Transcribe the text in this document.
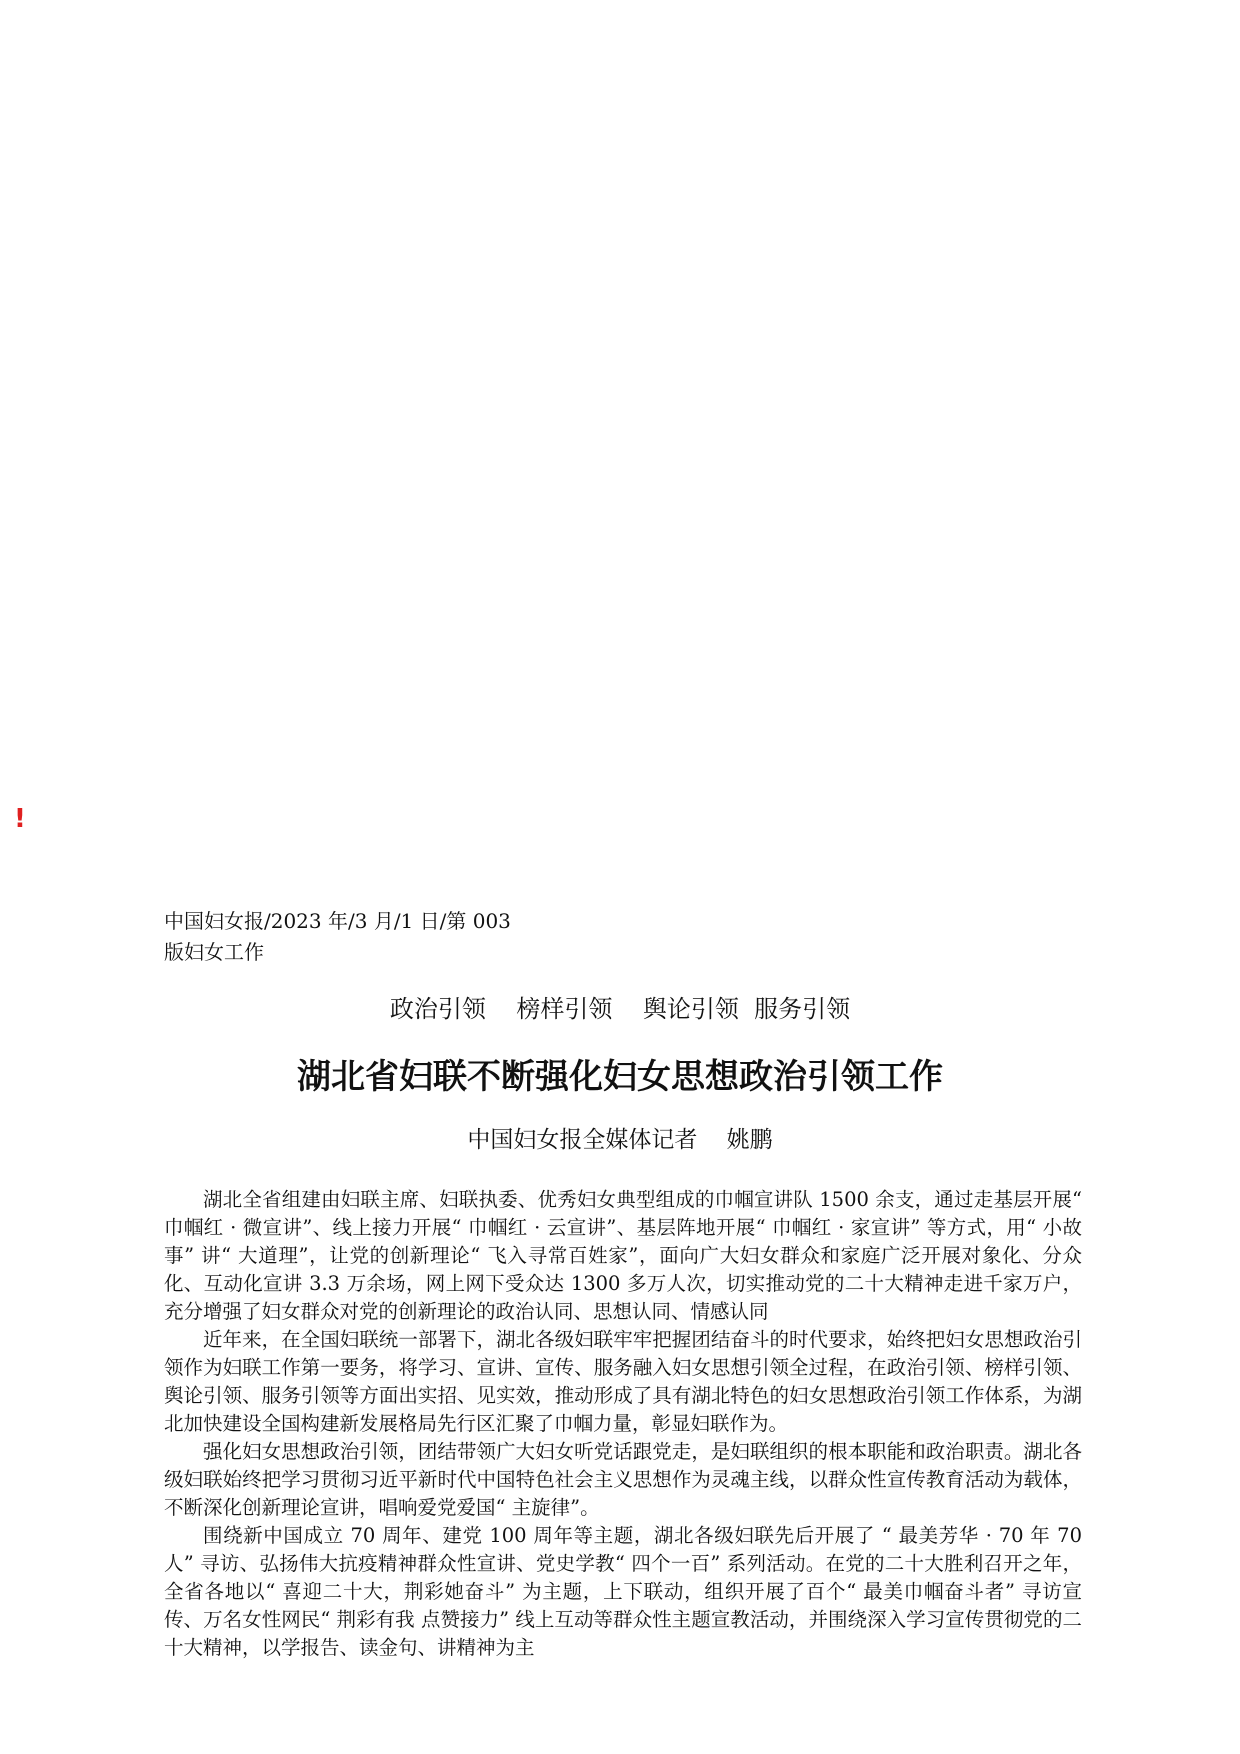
!
中国妇女报/2023 年/3 月/1 日/第 003
版妇女工作
政治引领    榜样引领    舆论引领  服务引领
湖北省妇联不断强化妇女思想政治引领工作
中国妇女报全媒体记者    姚鹏

湖北全省组建由妇联主席、妇联执委、优秀妇女典型组成的巾帼宣讲队 1500 余支，通过走基层开展“ 巾帼红 · 微宣讲”、线上接力开展“ 巾帼红 · 云宣讲”、基层阵地开展“ 巾帼红 · 家宣讲” 等方式，用“ 小故事” 讲“ 大道理”，让党的创新理论“ 飞入寻常百姓家”，面向广大妇女群众和家庭广泛开展对象化、分众化、互动化宣讲 3.3 万余场，网上网下受众达 1300 多万人次，切实推动党的二十大精神走进千家万户，充分增强了妇女群众对党的创新理论的政治认同、思想认同、情感认同

近年来，在全国妇联统一部署下，湖北各级妇联牢牢把握团结奋斗的时代要求，始终把妇女思想政治引领作为妇联工作第一要务，将学习、宣讲、宣传、服务融入妇女思想引领全过程，在政治引领、榜样引领、舆论引领、服务引领等方面出实招、见实效，推动形成了具有湖北特色的妇女思想政治引领工作体系，为湖北加快建设全国构建新发展格局先行区汇聚了巾帼力量，彰显妇联作为。

强化妇女思想政治引领，团结带领广大妇女听党话跟党走，是妇联组织的根本职能和政治职责。湖北各级妇联始终把学习贯彻习近平新时代中国特色社会主义思想作为灵魂主线，以群众性宣传教育活动为载体，不断深化创新理论宣讲，唱响爱党爱国“ 主旋律”。

围绕新中国成立 70 周年、建党 100 周年等主题，湖北各级妇联先后开展了 “ 最美芳华 · 70 年 70 人” 寻访、弘扬伟大抗疫精神群众性宣讲、党史学教“ 四个一百” 系列活动。在党的二十大胜利召开之年，全省各地以“ 喜迎二十大，荆彩她奋斗” 为主题，上下联动，组织开展了百个“ 最美巾帼奋斗者” 寻访宣传、万名女性网民“ 荆彩有我 点赞接力” 线上互动等群众性主题宣教活动，并围绕深入学习宣传贯彻党的二十大精神，以学报告、读金句、讲精神为主
